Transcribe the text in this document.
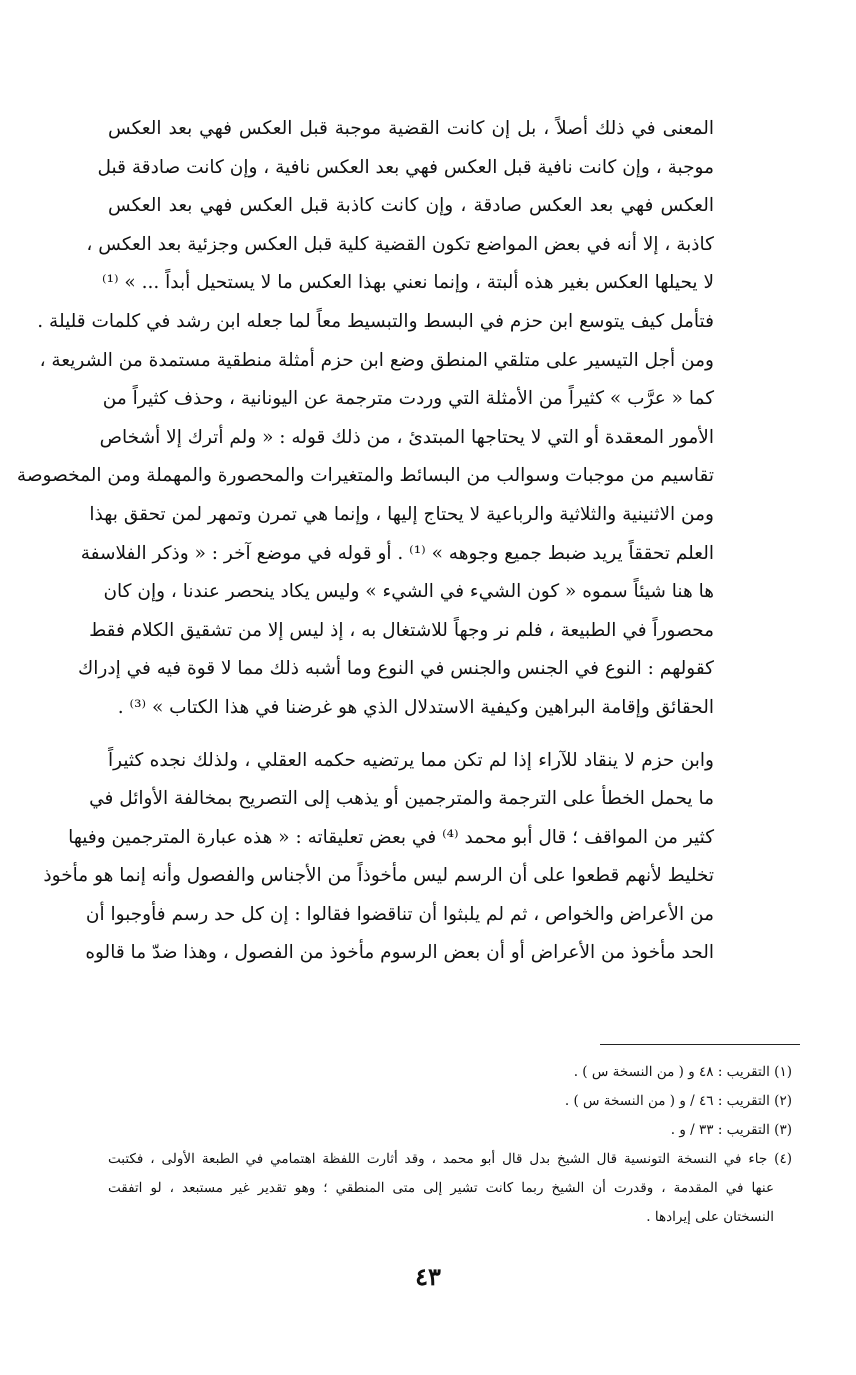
المعنى في ذلك أصلاً ، بل إن كانت القضية موجبة قبل العكس فهي بعد العكس
موجبة ، وإن كانت نافية قبل العكس فهي بعد العكس نافية ، وإن كانت صادقة قبل
العكس فهي بعد العكس صادقة ، وإن كانت كاذبة قبل العكس فهي بعد العكس
كاذبة ، إلا أنه في بعض المواضع تكون القضية كلية قبل العكس وجزئية بعد العكس ،
لا يحيلها العكس بغير هذه ألبتة ، وإنما نعني بهذا العكس ما لا يستحيل أبداً ... » ⁽¹⁾
فتأمل كيف يتوسع ابن حزم في البسط والتبسيط معاً لما جعله ابن رشد في كلمات قليلة .
ومن أجل التيسير على متلقي المنطق وضع ابن حزم أمثلة منطقية مستمدة من الشريعة ،
كما « عرَّب » كثيراً من الأمثلة التي وردت مترجمة عن اليونانية ، وحذف كثيراً من
الأمور المعقدة أو التي لا يحتاجها المبتدئ ، من ذلك قوله : « ولم أترك إلا أشخاص
تقاسيم من موجبات وسوالب من البسائط والمتغيرات والمحصورة والمهملة ومن المخصوصة
ومن الاثنينية والثلاثية والرباعية لا يحتاج إليها ، وإنما هي تمرن وتمهر لمن تحقق بهذا
العلم تحققاً يريد ضبط جميع وجوهه » ⁽¹⁾ . أو قوله في موضع آخر : « وذكر الفلاسفة
ها هنا شيئاً سموه « كون الشيء في الشيء » وليس يكاد ينحصر عندنا ، وإن كان
محصوراً في الطبيعة ، فلم نر وجهاً للاشتغال به ، إذ ليس إلا من تشقيق الكلام فقط
كقولهم : النوع في الجنس والجنس في النوع وما أشبه ذلك مما لا قوة فيه في إدراك
الحقائق وإقامة البراهين وكيفية الاستدلال الذي هو غرضنا في هذا الكتاب » ⁽³⁾ .
وابن حزم لا ينقاد للآراء إذا لم تكن مما يرتضيه حكمه العقلي ، ولذلك نجده كثيراً
ما يحمل الخطأ على الترجمة والمترجمين أو يذهب إلى التصريح بمخالفة الأوائل في
كثير من المواقف ؛ قال أبو محمد ⁽⁴⁾ في بعض تعليقاته : « هذه عبارة المترجمين وفيها
تخليط لأنهم قطعوا على أن الرسم ليس مأخوذاً من الأجناس والفصول وأنه إنما هو مأخوذ
من الأعراض والخواص ، ثم لم يلبثوا أن تناقضوا فقالوا : إن كل حد رسم فأوجبوا أن
الحد مأخوذ من الأعراض أو أن بعض الرسوم مأخوذ من الفصول ، وهذا ضدّ ما قالوه
(١) التقريب : ٤٨ و ( من النسخة س ) .
(٢) التقريب : ٤٦ / و ( من النسخة س ) .
(٣) التقريب : ٣٣ / و .
(٤) جاء في النسخة التونسية قال الشيخ بدل قال أبو محمد ، وقد أثارت اللفظة اهتمامي في الطبعة الأولى ، فكتبت
عنها في المقدمة ، وقدرت أن الشيخ ربما كانت تشير إلى متى المنطقي ؛ وهو تقدير غير مستبعد ، لو اتفقت
النسختان على إيرادها .
٤٣
